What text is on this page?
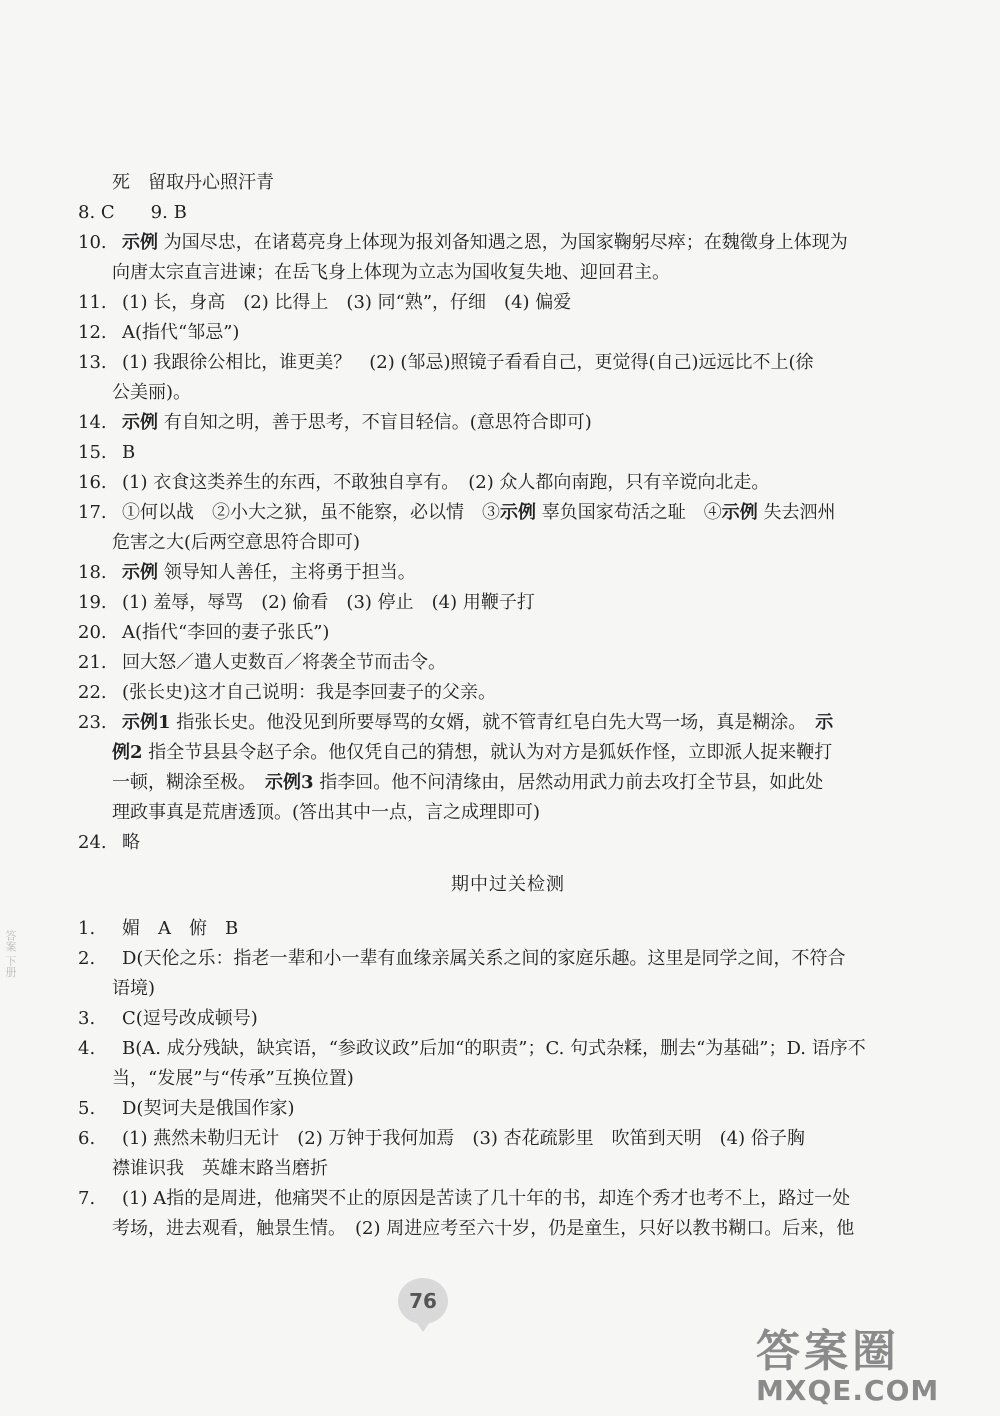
死　留取丹心照汗青
8. C　　9. B
10. 示例 为国尽忠，在诸葛亮身上体现为报刘备知遇之恩，为国家鞠躬尽瘁；在魏徵身上体现为
向唐太宗直言进谏；在岳飞身上体现为立志为国收复失地、迎回君主。
11. (1) 长，身高　(2) 比得上　(3) 同“熟”，仔细　(4) 偏爱
12. A(指代“邹忌”)
13. (1) 我跟徐公相比，谁更美？　(2) (邹忌)照镜子看看自己，更觉得(自己)远远比不上(徐
公美丽)。
14. 示例 有自知之明，善于思考，不盲目轻信。(意思符合即可)
15. B
16. (1) 衣食这类养生的东西，不敢独自享有。　(2) 众人都向南跑，只有辛谠向北走。
17. ①何以战　②小大之狱，虽不能察，必以情　③示例 辜负国家苟活之耻　④示例 失去泗州
危害之大(后两空意思符合即可)
18. 示例 领导知人善任，主将勇于担当。
19. (1) 羞辱，辱骂　(2) 偷看　(3) 停止　(4) 用鞭子打
20. A(指代“李回的妻子张氏”)
21. 回大怒／遣人吏数百／将袭全节而击令。
22. (张长史)这才自己说明：我是李回妻子的父亲。
23. 示例1 指张长史。他没见到所要辱骂的女婿，就不管青红皂白先大骂一场，真是糊涂。　示
例2 指全节县县令赵子余。他仅凭自己的猜想，就认为对方是狐妖作怪，立即派人捉来鞭打
一顿，糊涂至极。　示例3 指李回。他不问清缘由，居然动用武力前去攻打全节县，如此处
理政事真是荒唐透顶。(答出其中一点，言之成理即可)
24. 略
期中过关检测
1. 媚　A　俯　B
2. D(天伦之乐：指老一辈和小一辈有血缘亲属关系之间的家庭乐趣。这里是同学之间，不符合
语境)
3. C(逗号改成顿号)
4. B(A. 成分残缺，缺宾语，“参政议政”后加“的职责”；C. 句式杂糅，删去“为基础”；D. 语序不
当，“发展”与“传承”互换位置)
5. D(契诃夫是俄国作家)
6. (1) 燕然未勒归无计　(2) 万钟于我何加焉　(3) 杏花疏影里　吹笛到天明　(4) 俗子胸
襟谁识我　英雄末路当磨折
7. (1) A指的是周进，他痛哭不止的原因是苦读了几十年的书，却连个秀才也考不上，路过一处
考场，进去观看，触景生情。　(2) 周进应考至六十岁，仍是童生，只好以教书糊口。后来，他
答案 下册
76
答案圈
MXQE.COM
